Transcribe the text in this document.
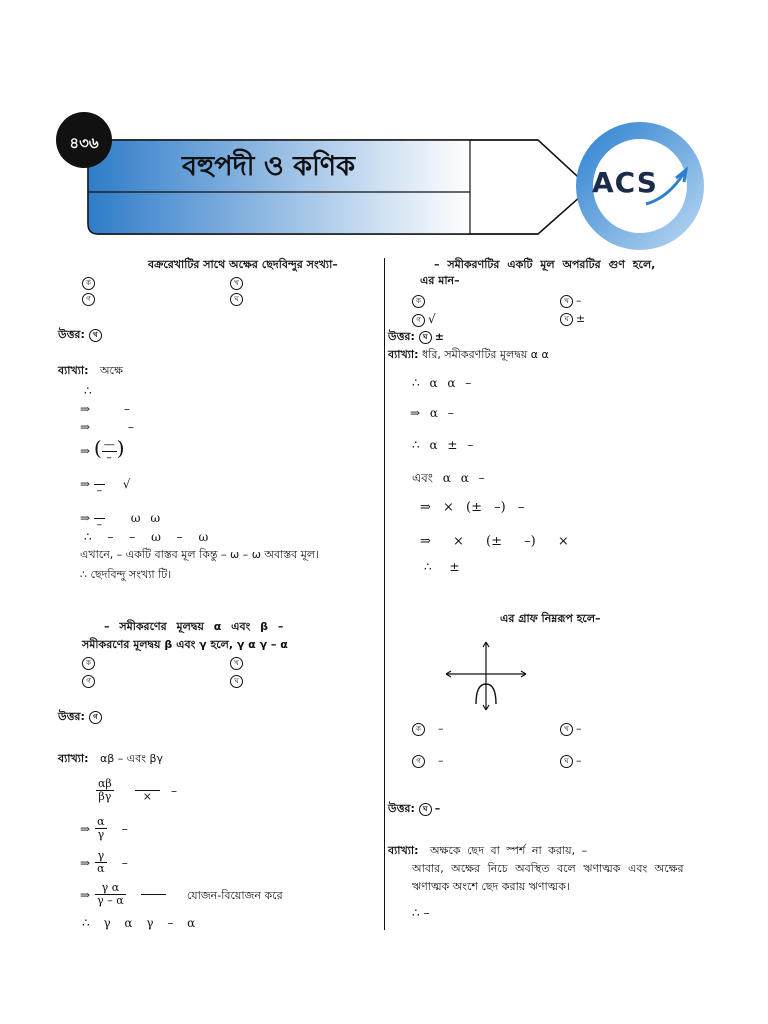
৪৩৬
বহুপদী ও কণিক	ACS
বক্ররেখাটির সাথে অক্ষের ছেদবিন্দুর সংখ্যা–
ক	খ
গ	ঘ
উত্তর: খ
ব্যাখ্যা: অক্ষে
∴
⇒ –
⇒ –
⇒ ( $\frac{—}{-}$ )
⇒
– √
⇒
– ω ω
∴ – – ω – ω
এখানে, – একটি বাস্তব মূল কিন্তু – ω – ω অবাস্তব মূল।
∴ ছেদবিন্দু সংখ্যা টি।
– সমীকরণের মূলদ্বয় α এবং β –
সমীকরণের মূলদ্বয় β এবং γ হলে, γ α γ – α
ক	খ
গ	ঘ
উত্তর: গ
ব্যাখ্যা: αβ – এবং βγ
$\frac{\alpha\beta}{\beta\gamma}$

	×	–
⇒ $\frac{\alpha}{\gamma}$ –
⇒ $\frac{\gamma}{\alpha}$ –
⇒ $\frac{\text{γ α}}{\gamma - \alpha}$

	যোজন-বিয়োজন করে
∴ γ α γ – α
– সমীকরণটির একটি মূল অপরটির গুণ হলে,
এর মান–
ক	খ –
গ √	ঘ ±
উত্তর: ঘ ±
ব্যাখ্যা: ধরি, সমীকরণটির মূলদ্বয় α α
∴ α α –
⇒ α –
∴ α ± –
এবং α α –
⇒ × (± –) –
⇒ × (± –) ×
∴ ±
এর গ্রাফ নিম্নরূপ হলে–
ক –	খ –
গ –	ঘ –
উত্তর: ঘ –
ব্যাখ্যা: অক্ষকে ছেদ বা স্পর্শ না করায়, –
আবার, অক্ষের নিচে অবস্থিত বলে ঋণাত্মক এবং অক্ষের
ঋণাত্মক অংশে ছেদ করায় ঋণাত্মক।
∴ –
